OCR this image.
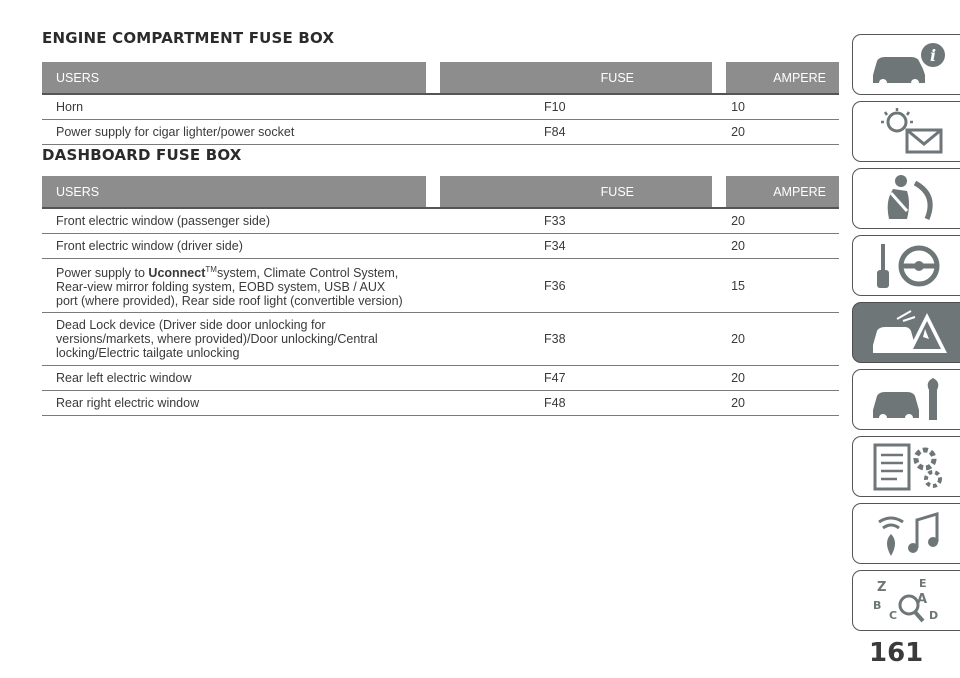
ENGINE COMPARTMENT FUSE BOX
USERS		FUSE		AMPERE
Horn		F10		10
Power supply for cigar lighter/power socket		F84		20
DASHBOARD FUSE BOX
USERS		FUSE		AMPERE
Front electric window (passenger side)		F33		20
Front electric window (driver side)		F34		20
Power supply to Uconnect™system, Climate Control System, Rear-view mirror folding system, EOBD system, USB / AUX port (where provided), Rear side roof light (convertible version)		F36		15
Dead Lock device (Driver side door unlocking for versions/markets, where provided)/Door unlocking/Central locking/Electric tailgate unlocking		F38		20
Rear left electric window		F47		20
Rear right electric window		F48		20
i
Z	E
B	A
D
C
161
